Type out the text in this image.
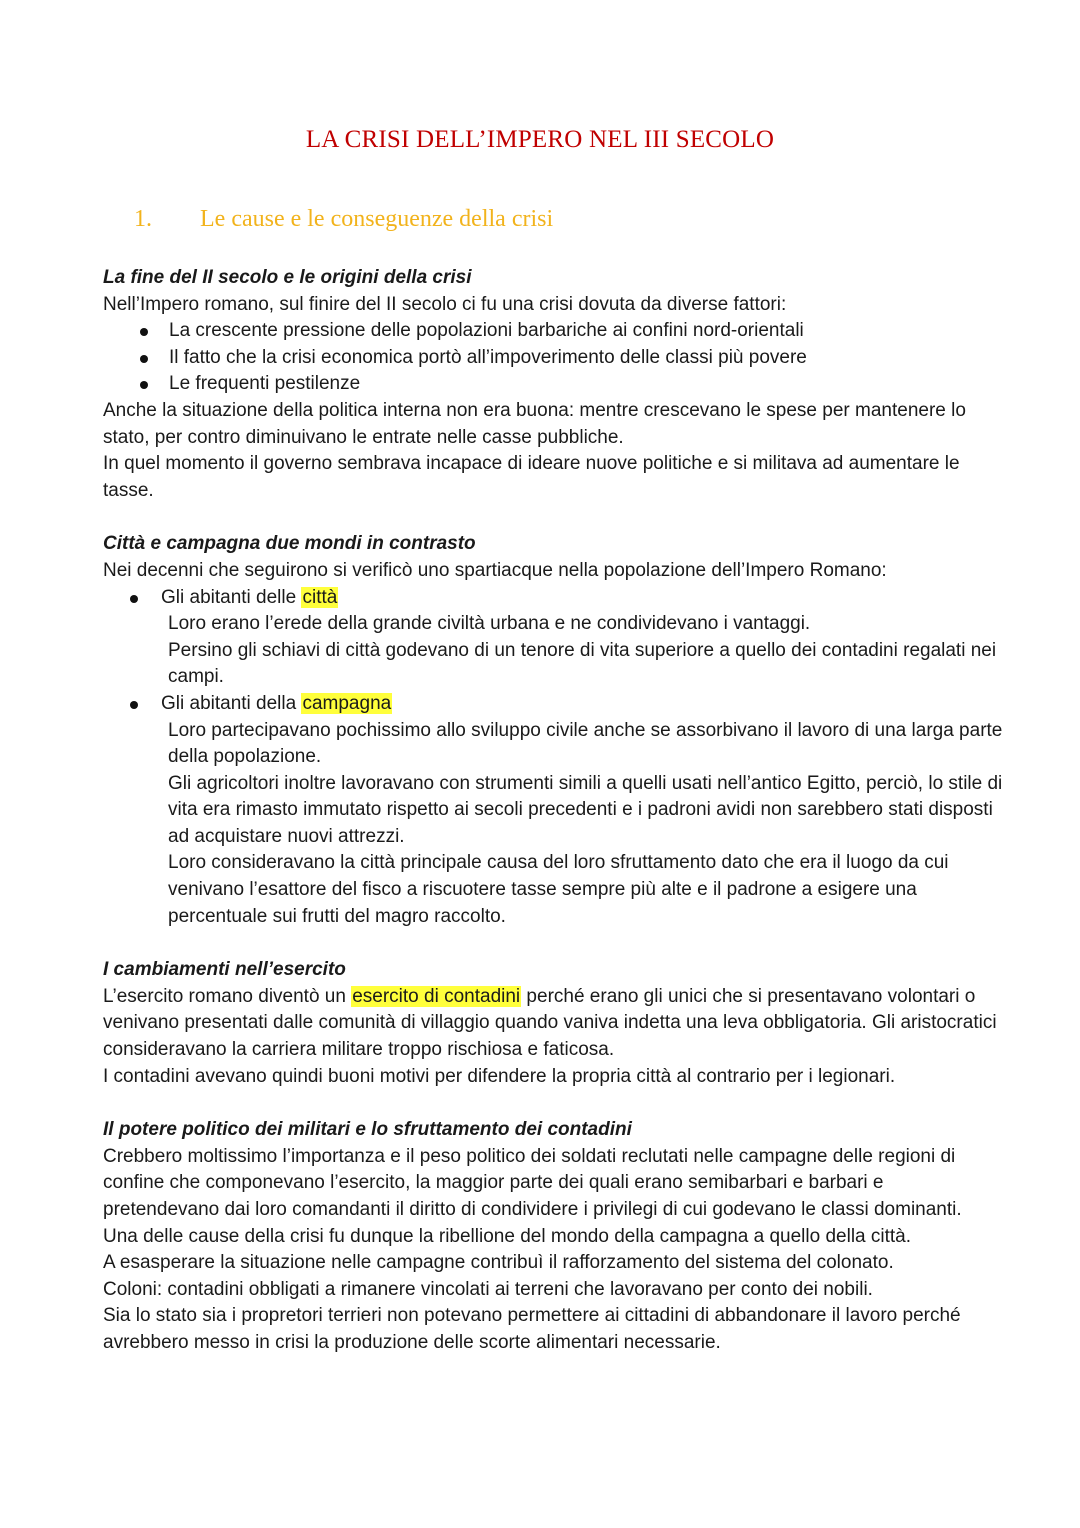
LA CRISI DELL’IMPERO NEL III SECOLO
1. Le cause e le conseguenze della crisi
La fine del II secolo e le origini della crisi

Nell’Impero romano, sul finire del II secolo ci fu una crisi dovuta da diverse fattori:

La crescente pressione delle popolazioni barbariche ai confini nord-orientali
Il fatto che la crisi economica portò all’impoverimento delle classi più povere
Le frequenti pestilenze

Anche la situazione della politica interna non era buona: mentre crescevano le spese per mantenere lo stato, per contro diminuivano le entrate nelle casse pubbliche.

In quel momento il governo sembrava incapace di ideare nuove politiche e si militava ad aumentare le tasse.

Città e campagna due mondi in contrasto

Nei decenni che seguirono si verificò uno spartiacque nella popolazione dell’Impero Romano:

Gli abitanti delle città

Loro erano l’erede della grande civiltà urbana e ne condividevano i vantaggi.

Persino gli schiavi di città godevano di un tenore di vita superiore a quello dei contadini regalati nei campi.

Gli abitanti della campagna

Loro partecipavano pochissimo allo sviluppo civile anche se assorbivano il lavoro di una larga parte della popolazione.

Gli agricoltori inoltre lavoravano con strumenti simili a quelli usati nell’antico Egitto, perciò, lo stile di vita era rimasto immutato rispetto ai secoli precedenti e i padroni avidi non sarebbero stati disposti ad acquistare nuovi attrezzi.

Loro consideravano la città principale causa del loro sfruttamento dato che era il luogo da cui venivano l’esattore del fisco a riscuotere tasse sempre più alte e il padrone a esigere una percentuale sui frutti del magro raccolto.

I cambiamenti nell’esercito

L’esercito romano diventò un esercito di contadini perché erano gli unici che si presentavano volontari o venivano presentati dalle comunità di villaggio quando vaniva indetta una leva obbligatoria. Gli aristocratici consideravano la carriera militare troppo rischiosa e faticosa.

I contadini avevano quindi buoni motivi per difendere la propria città al contrario per i legionari.

Il potere politico dei militari e lo sfruttamento dei contadini

Crebbero moltissimo l’importanza e il peso politico dei soldati reclutati nelle campagne delle regioni di confine che componevano l’esercito, la maggior parte dei quali erano semibarbari e barbari e pretendevano dai loro comandanti il diritto di condividere i privilegi di cui godevano le classi dominanti.

Una delle cause della crisi fu dunque la ribellione del mondo della campagna a quello della città.

A esasperare la situazione nelle campagne contribuì il rafforzamento del sistema del colonato.

Coloni: contadini obbligati a rimanere vincolati ai terreni che lavoravano per conto dei nobili.

Sia lo stato sia i propretori terrieri non potevano permettere ai cittadini di abbandonare il lavoro perché avrebbero messo in crisi la produzione delle scorte alimentari necessarie.
